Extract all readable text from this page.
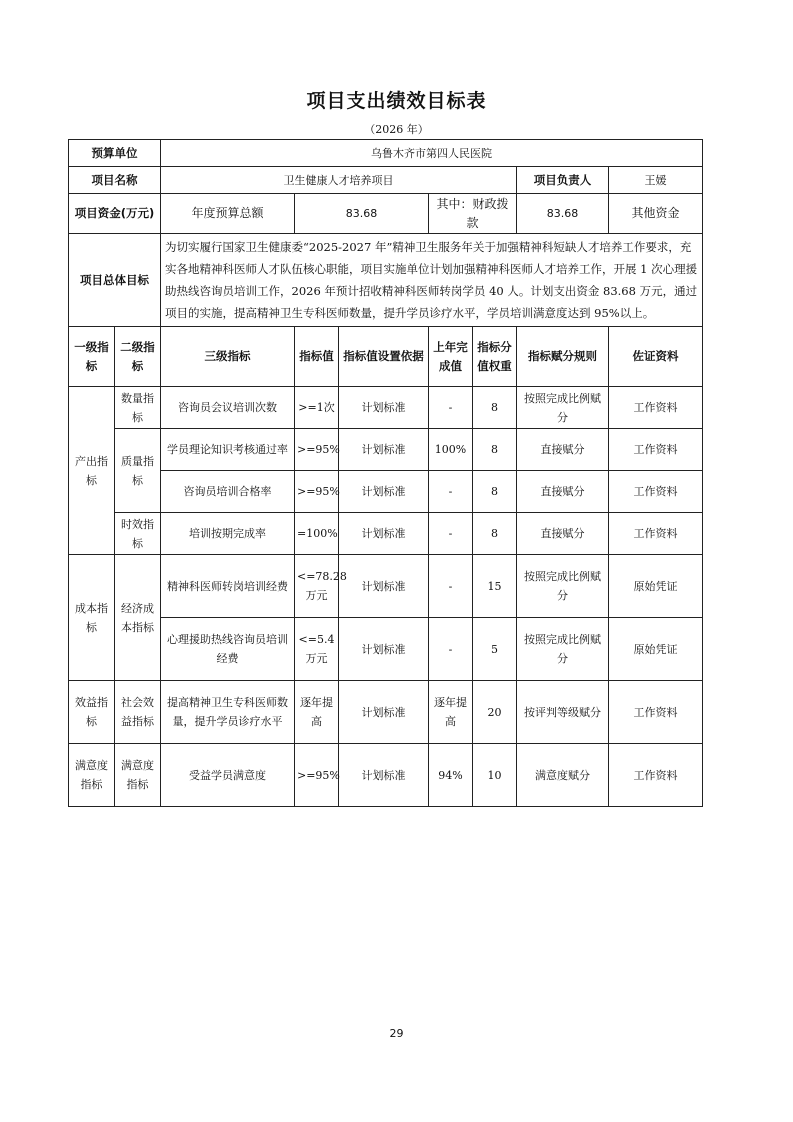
项目支出绩效目标表
（2026 年）
预算单位		乌鲁木齐市第四人民医院						
项目名称		卫生健康人才培养项目					项目负责人	王媛
项目资金(万元)		年度预算总额	83.68		其中：财政拨款		83.68	其他资金
项目总体目标		为切实履行国家卫生健康委“2025-2027 年”精神卫生服务年关于加强精神科短缺人才培养工作要求，充实各地精神科医师人才队伍核心职能，项目实施单位计划加强精神科医师人才培养工作，开展 1 次心理援助热线咨询员培训工作，2026 年预计招收精神科医师转岗学员 40 人。计划支出资金 83.68 万元，通过项目的实施，提高精神卫生专科医师数量，提升学员诊疗水平，学员培训满意度达到 95%以上。						
一级指标	二级指标	三级指标	指标值	指标值设置依据	上年完成值	指标分值权重	指标赋分规则	佐证资料
产出指标	数量指标	咨询员会议培训次数	>=1次	计划标准	-	8	按照完成比例赋分	工作资料
	质量指标	学员理论知识考核通过率	>=95%	计划标准	100%	8	直接赋分	工作资料
		咨询员培训合格率	>=95%	计划标准	-	8	直接赋分	工作资料
	时效指标	培训按期完成率	=100%	计划标准	-	8	直接赋分	工作资料
成本指标	经济成本指标	精神科医师转岗培训经费	<=78.28万元	计划标准	-	15	按照完成比例赋分	原始凭证
		心理援助热线咨询员培训经费	<=5.4万元	计划标准	-	5	按照完成比例赋分	原始凭证
效益指标	社会效益指标	提高精神卫生专科医师数量，提升学员诊疗水平	逐年提高	计划标准	逐年提高	20	按评判等级赋分	工作资料
满意度指标	满意度指标	受益学员满意度	>=95%	计划标准	94%	10	满意度赋分	工作资料
29
